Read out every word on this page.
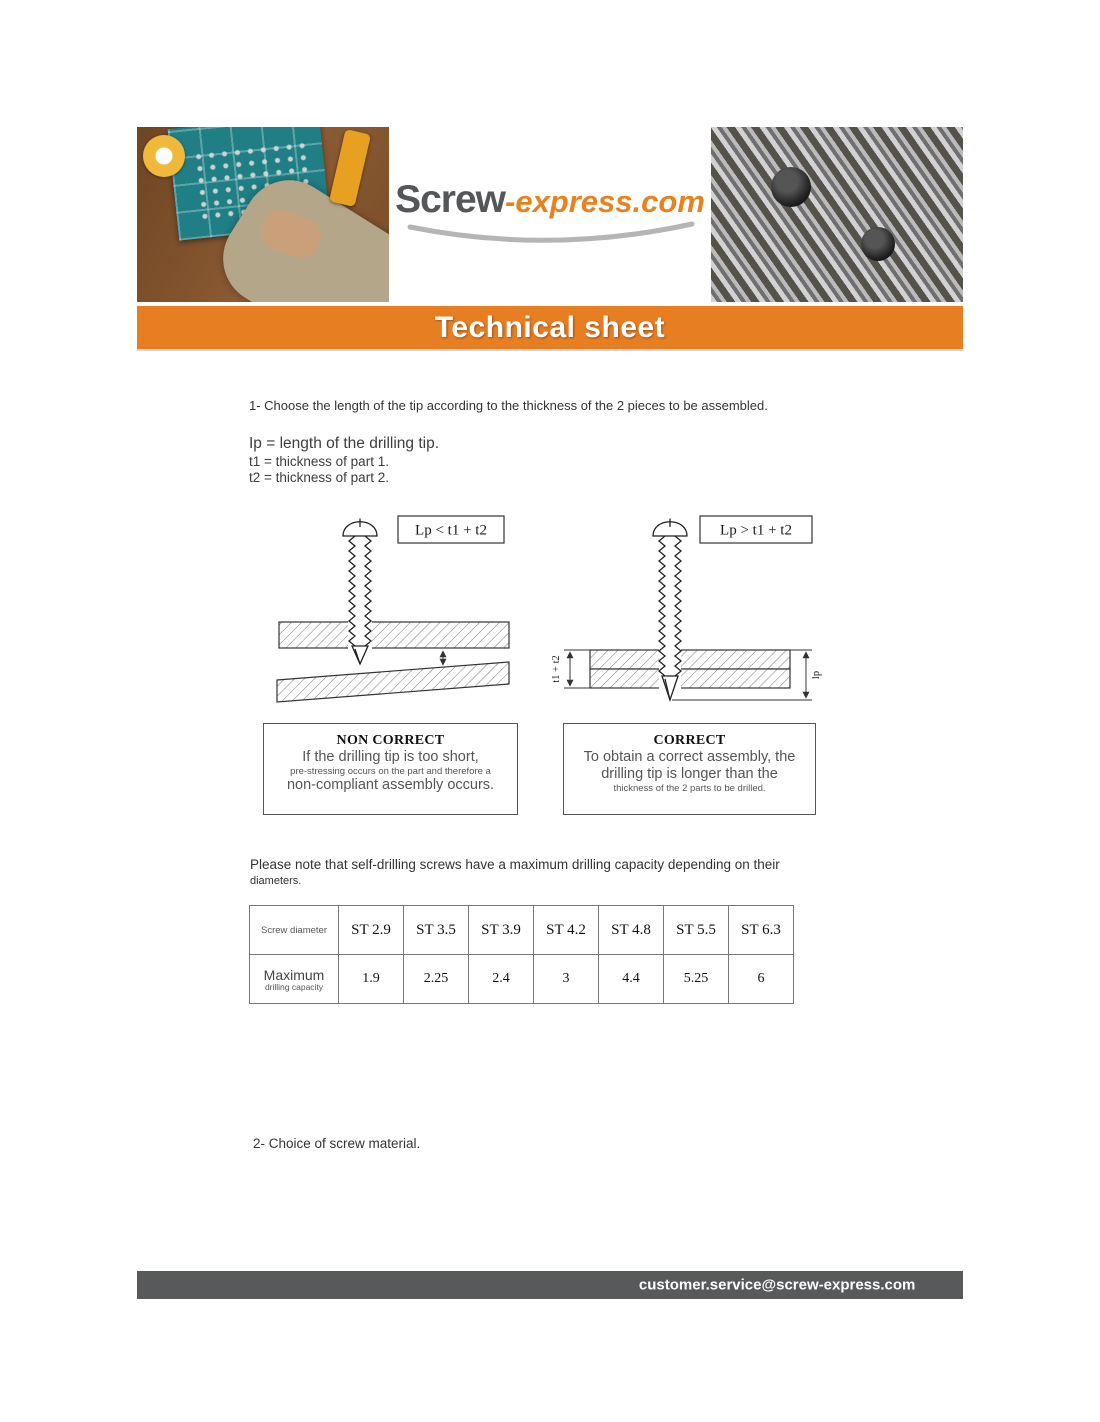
Screw-express.com
Technical sheet

1- Choose the length of the tip according to the thickness of the 2 pieces to be assembled.

Ip = length of the drilling tip.
t1 = thickness of part 1.
t2 = thickness of part 2.
Lp < t1 + t2
t1 + t2	lp
Lp > t1 + t2
NON CORRECT
If the drilling tip is too short,
pre-stressing occurs on the part and therefore a
non-compliant assembly occurs.
CORRECT
To obtain a correct assembly, the
drilling tip is longer than the
thickness of the 2 parts to be drilled.

Please note that self-drilling screws have a maximum drilling capacity depending on their
diameters.

Screw diameter	ST 2.9	ST 3.5	ST 3.9	ST 4.2	ST 4.8	ST 5.5	ST 6.3

Maximum
drilling capacity	1.9	2.25	2.4	3	4.4	5.25	6

2- Choice of screw material.

customer.service@screw-express.com
